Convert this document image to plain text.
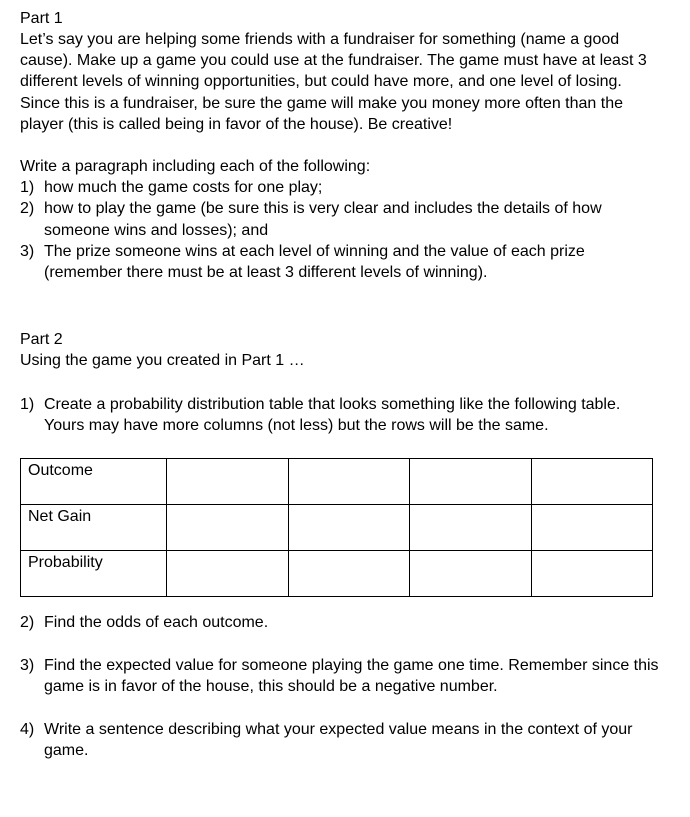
Part 1

Let’s say you are helping some friends with a fundraiser for something (name a good cause). Make up a game you could use at the fundraiser. The game must have at least 3 different levels of winning opportunities, but could have more, and one level of losing. Since this is a fundraiser, be sure the game will make you money more often than the player (this is called being in favor of the house). Be creative!

Write a paragraph including each of the following:
1) how much the game costs for one play;
2) how to play the game (be sure this is very clear and includes the details of how someone wins and losses); and
3) The prize someone wins at each level of winning and the value of each prize (remember there must be at least 3 different levels of winning).
Part 2
Using the game you created in Part 1 …
1) Create a probability distribution table that looks something like the following table. Yours may have more columns (not less) but the rows will be the same.
Outcome				
Net Gain				
Probability				
2) Find the odds of each outcome.
3) Find the expected value for someone playing the game one time. Remember since this game is in favor of the house, this should be a negative number.
4) Write a sentence describing what your expected value means in the context of your game.
